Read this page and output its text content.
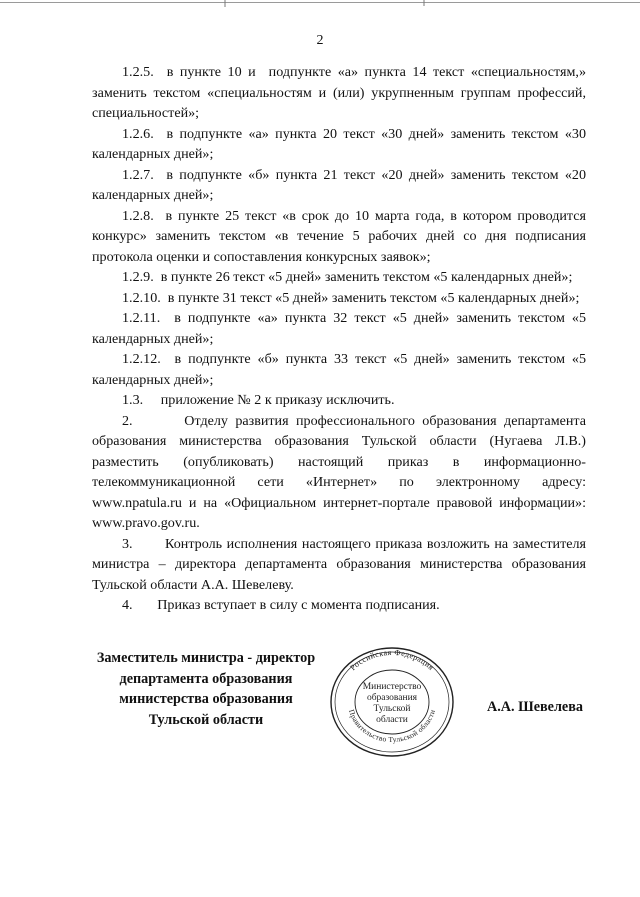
2

1.2.5.  в пункте 10 и  подпункте «а» пункта 14 текст «специальностям,» заменить текстом «специальностям и (или) укрупненным группам профессий, специальностей»;

1.2.6.  в подпункте «а» пункта 20 текст «30 дней» заменить текстом «30 календарных дней»;

1.2.7.  в подпункте «б» пункта 21 текст «20 дней» заменить текстом «20 календарных дней»;

1.2.8.  в пункте 25 текст «в срок до 10 марта года, в котором проводится конкурс» заменить текстом «в течение 5 рабочих дней со дня подписания протокола оценки и сопоставления конкурсных заявок»;

1.2.9.  в пункте 26 текст «5 дней» заменить текстом «5 календарных дней»;

1.2.10.  в пункте 31 текст «5 дней» заменить текстом «5 календарных дней»;

1.2.11.  в подпункте «а» пункта 32 текст «5 дней» заменить текстом «5 календарных дней»;

1.2.12.  в подпункте «б» пункта 33 текст «5 дней» заменить текстом «5 календарных дней»;

1.3.     приложение № 2 к приказу исключить.

2.       Отделу развития профессионального образования департамента образования министерства образования Тульской области (Нугаева Л.В.) разместить (опубликовать) настоящий приказ в информационно-телекоммуникационной сети «Интернет» по электронному адресу: www.npatula.ru и на «Официальном интернет-портале правовой информации»: www.pravo.gov.ru.

3.       Контроль исполнения настоящего приказа возложить на заместителя министра – директора департамента образования министерства образования Тульской области А.А. Шевелеву.

4.       Приказ вступает в силу с момента подписания.

Заместитель министра - директор
департамента образования
министерства образования
Тульской области
Российская Федерация
Правительство Тульской области
Министерство
образования
Тульской
области
А.А. Шевелева
